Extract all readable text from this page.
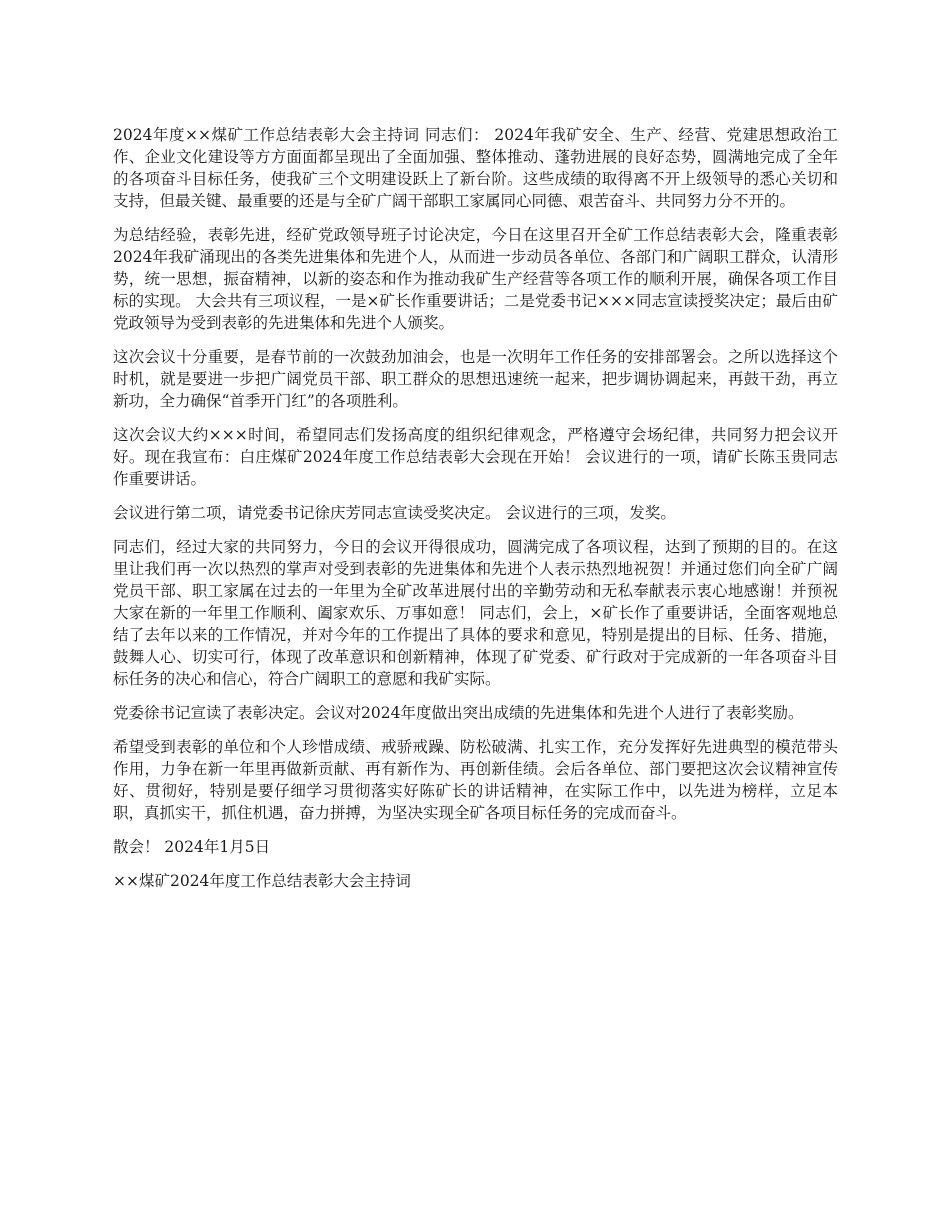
2024年度××煤矿工作总结表彰大会主持词 同志们： 2024年我矿安全、生产、经营、党建思想政治工作、企业文化建设等方方面面都呈现出了全面加强、整体推动、蓬勃进展的良好态势，圆满地完成了全年的各项奋斗目标任务，使我矿三个文明建设跃上了新台阶。这些成绩的取得离不开上级领导的悉心关切和支持，但最关键、最重要的还是与全矿广阔干部职工家属同心同德、艰苦奋斗、共同努力分不开的。

为总结经验，表彰先进，经矿党政领导班子讨论决定，今日在这里召开全矿工作总结表彰大会，隆重表彰2024年我矿涌现出的各类先进集体和先进个人，从而进一步动员各单位、各部门和广阔职工群众，认清形势，统一思想，振奋精神，以新的姿态和作为推动我矿生产经营等各项工作的顺利开展，确保各项工作目标的实现。 大会共有三项议程，一是×矿长作重要讲话；二是党委书记×××同志宣读授奖决定；最后由矿党政领导为受到表彰的先进集体和先进个人颁奖。

这次会议十分重要，是春节前的一次鼓劲加油会，也是一次明年工作任务的安排部署会。之所以选择这个时机，就是要进一步把广阔党员干部、职工群众的思想迅速统一起来，把步调协调起来，再鼓干劲，再立新功，全力确保“首季开门红”的各项胜利。

这次会议大约×××时间，希望同志们发扬高度的组织纪律观念，严格遵守会场纪律，共同努力把会议开好。现在我宣布：白庄煤矿2024年度工作总结表彰大会现在开始！ 会议进行的一项，请矿长陈玉贵同志作重要讲话。

会议进行第二项，请党委书记徐庆芳同志宣读受奖决定。 会议进行的三项，发奖。

同志们，经过大家的共同努力，今日的会议开得很成功，圆满完成了各项议程，达到了预期的目的。在这里让我们再一次以热烈的掌声对受到表彰的先进集体和先进个人表示热烈地祝贺！并通过您们向全矿广阔党员干部、职工家属在过去的一年里为全矿改革进展付出的辛勤劳动和无私奉献表示衷心地感谢！并预祝大家在新的一年里工作顺利、阖家欢乐、万事如意！ 同志们，会上，×矿长作了重要讲话，全面客观地总结了去年以来的工作情况，并对今年的工作提出了具体的要求和意见，特别是提出的目标、任务、措施，鼓舞人心、切实可行，体现了改革意识和创新精神，体现了矿党委、矿行政对于完成新的一年各项奋斗目标任务的决心和信心，符合广阔职工的意愿和我矿实际。

党委徐书记宣读了表彰决定。会议对2024年度做出突出成绩的先进集体和先进个人进行了表彰奖励。

希望受到表彰的单位和个人珍惜成绩、戒骄戒躁、防松破满、扎实工作，充分发挥好先进典型的模范带头作用，力争在新一年里再做新贡献、再有新作为、再创新佳绩。会后各单位、部门要把这次会议精神宣传好、贯彻好，特别是要仔细学习贯彻落实好陈矿长的讲话精神，在实际工作中，以先进为榜样，立足本职，真抓实干，抓住机遇，奋力拼搏，为坚决实现全矿各项目标任务的完成而奋斗。

散会！ 2024年1月5日

××煤矿2024年度工作总结表彰大会主持词
